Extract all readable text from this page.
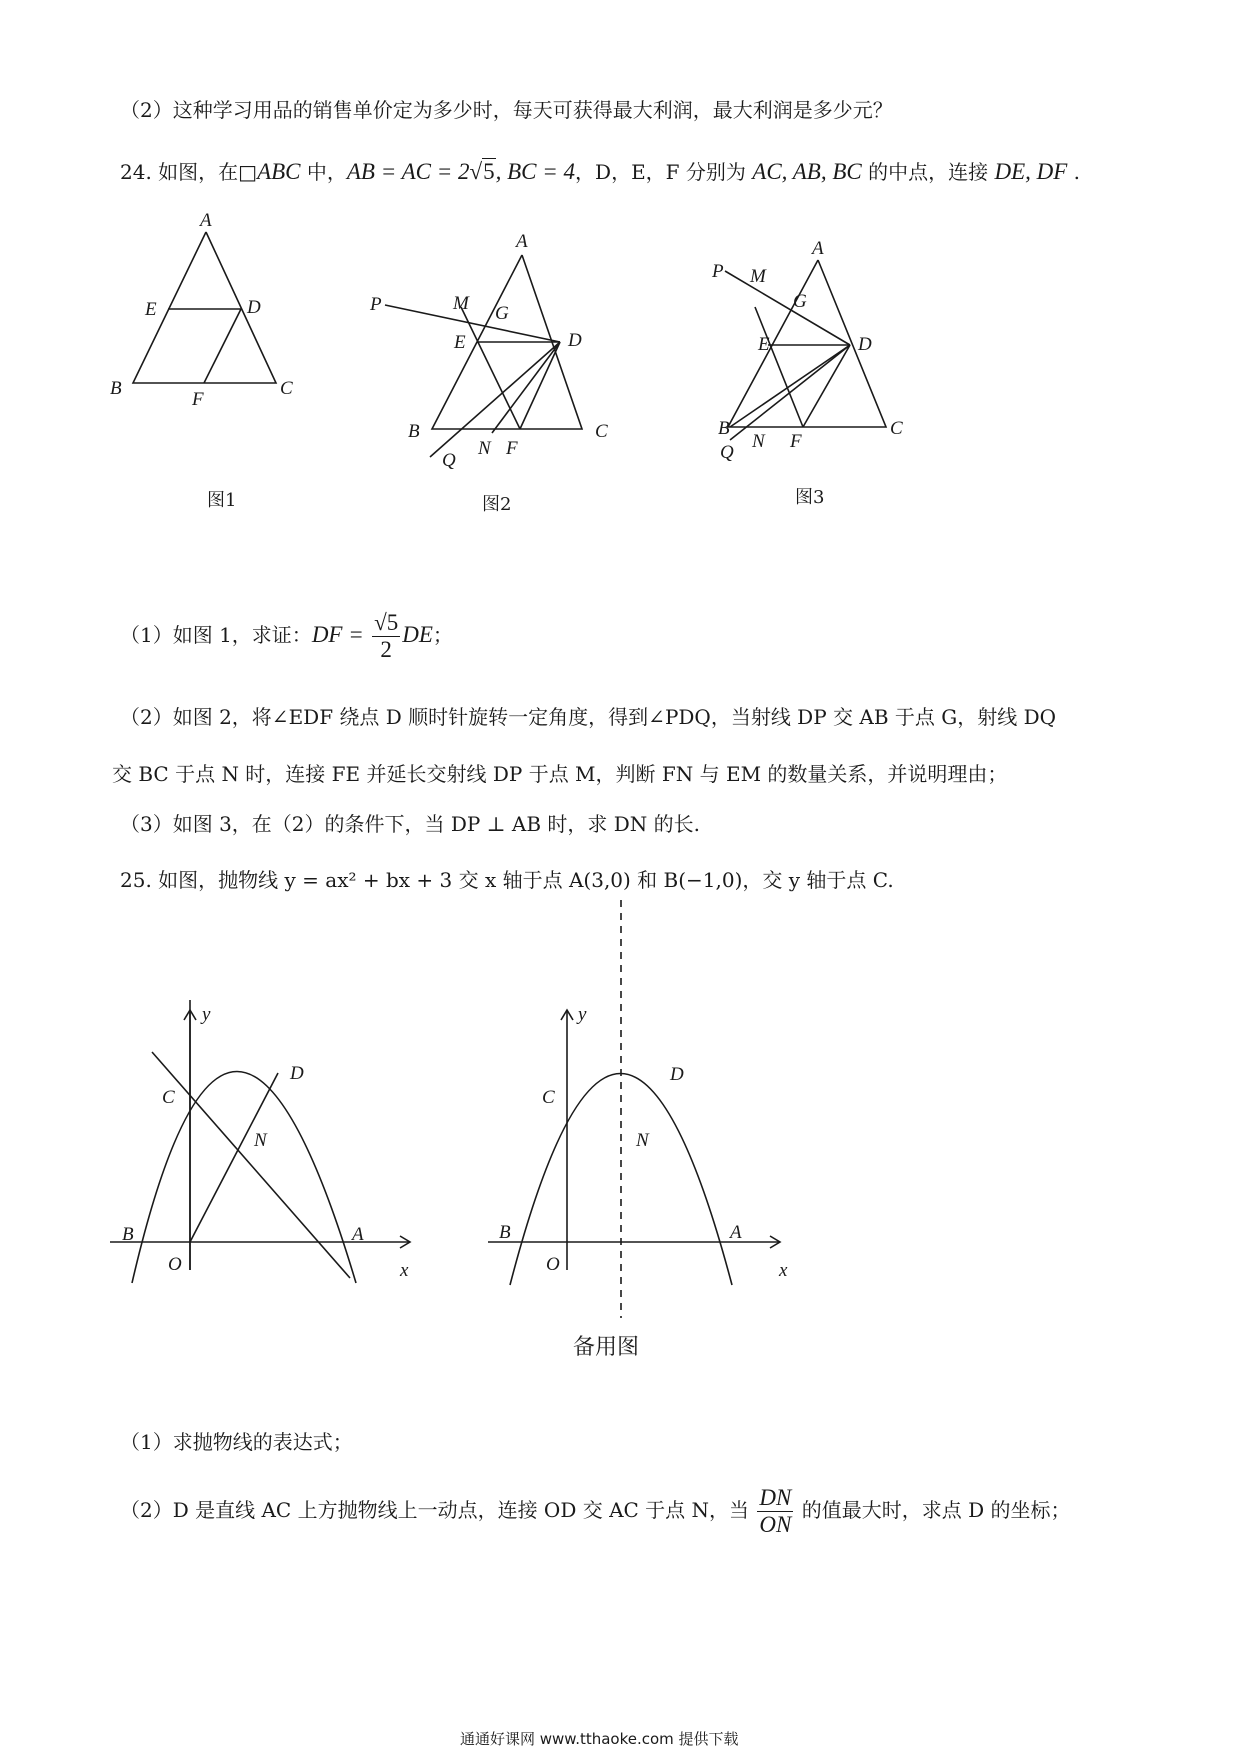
（2）这种学习用品的销售单价定为多少时，每天可获得最大利润，最大利润是多少元？
24. 如图，在□ABC 中，AB = AC = 2√5, BC = 4，D，E，F 分别为 AC, AB, BC 的中点，连接 DE, DF .
A
E	D
B	C
F
图1
A
P	M G
E	D
B	C
Q
N F
图2
A
P M
G
E	D
B	C
Q
N F
图3
（1）如图 1，求证：DF = $\frac{√5}{2}$ DE；
（2）如图 2，将∠EDF 绕点 D 顺时针旋转一定角度，得到∠PDQ，当射线 DP 交 AB 于点 G，射线 DQ
交 BC 于点 N 时，连接 FE 并延长交射线 DP 于点 M，判断 FN 与 EM 的数量关系，并说明理由；
（3）如图 3，在（2）的条件下，当 DP ⊥ AB 时，求 DN 的长.
25. 如图，抛物线 y = ax² + bx + 3 交 x 轴于点 A(3,0) 和 B(−1,0)，交 y 轴于点 C.
y
C
D
N
B	A
O	x
y
C
D
N
B	A
O	x
备用图
（1）求抛物线的表达式；
（2）D 是直线 AC 上方抛物线上一动点，连接 OD 交 AC 于点 N，当 $\frac{DN}{ON}$ 的值最大时，求点 D 的坐标；
通通好课网 www.tthaoke.com 提供下载
